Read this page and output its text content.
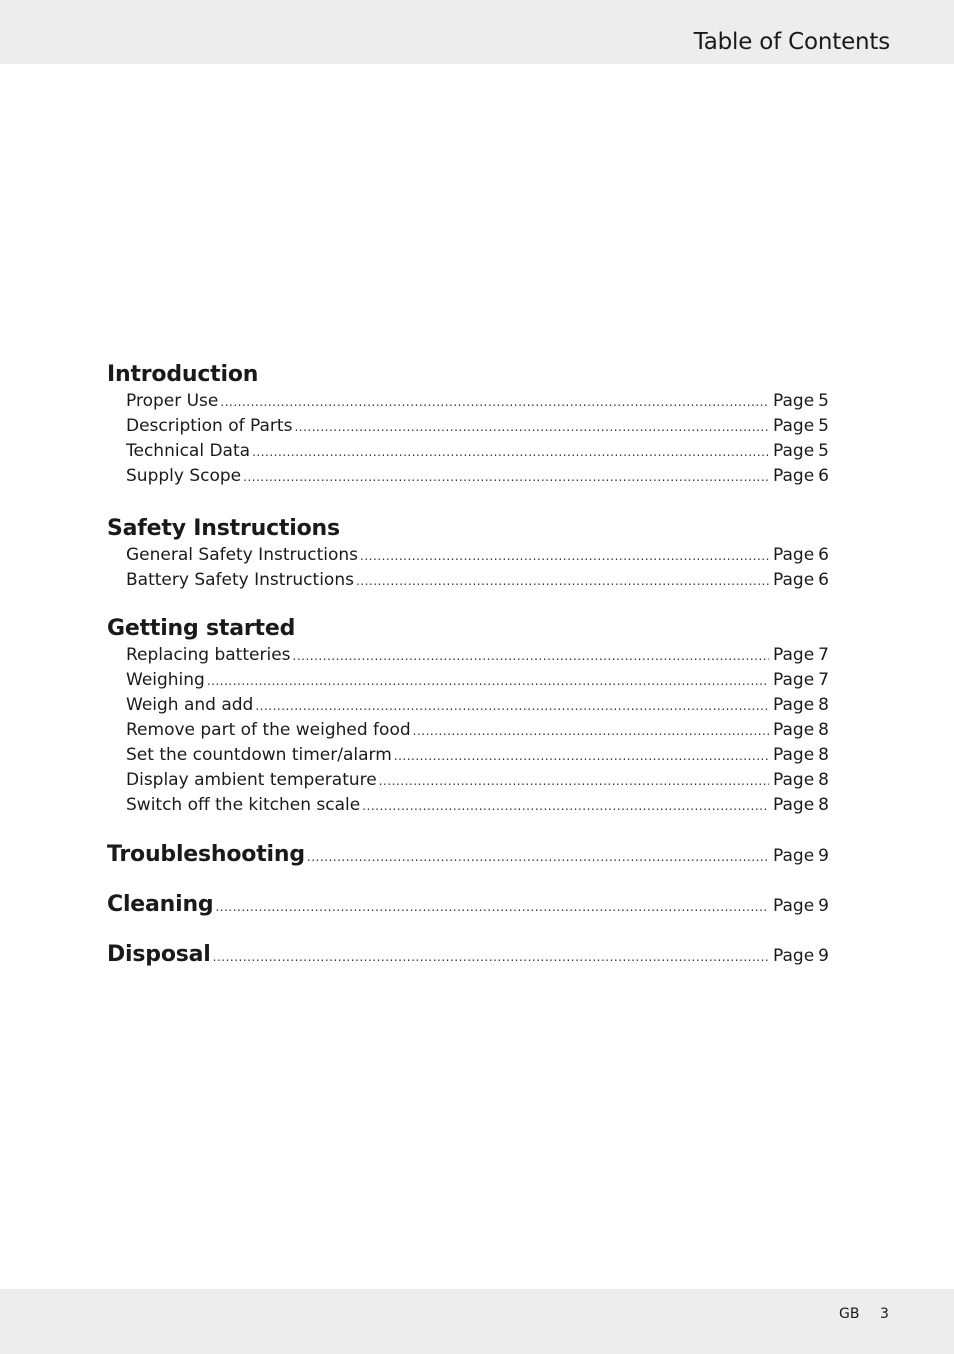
Table of Contents
Introduction
Proper Use .....	Page 5
Description of Parts .....	Page 5
Technical Data .....	Page 5
Supply Scope .....	Page 6
Safety Instructions
General Safety Instructions .....	Page 6
Battery Safety Instructions .....	Page 6
Getting started
Replacing batteries .....	Page 7
Weighing .....	Page 7
Weigh and add .....	Page 8
Remove part of the weighed food .....	Page 8
Set the countdown timer/alarm .....	Page 8
Display ambient temperature .....	Page 8
Switch off the kitchen scale .....	Page 8
Troubleshooting .....	Page 9
Cleaning .....	Page 9
Disposal .....	Page 9
GB 3
